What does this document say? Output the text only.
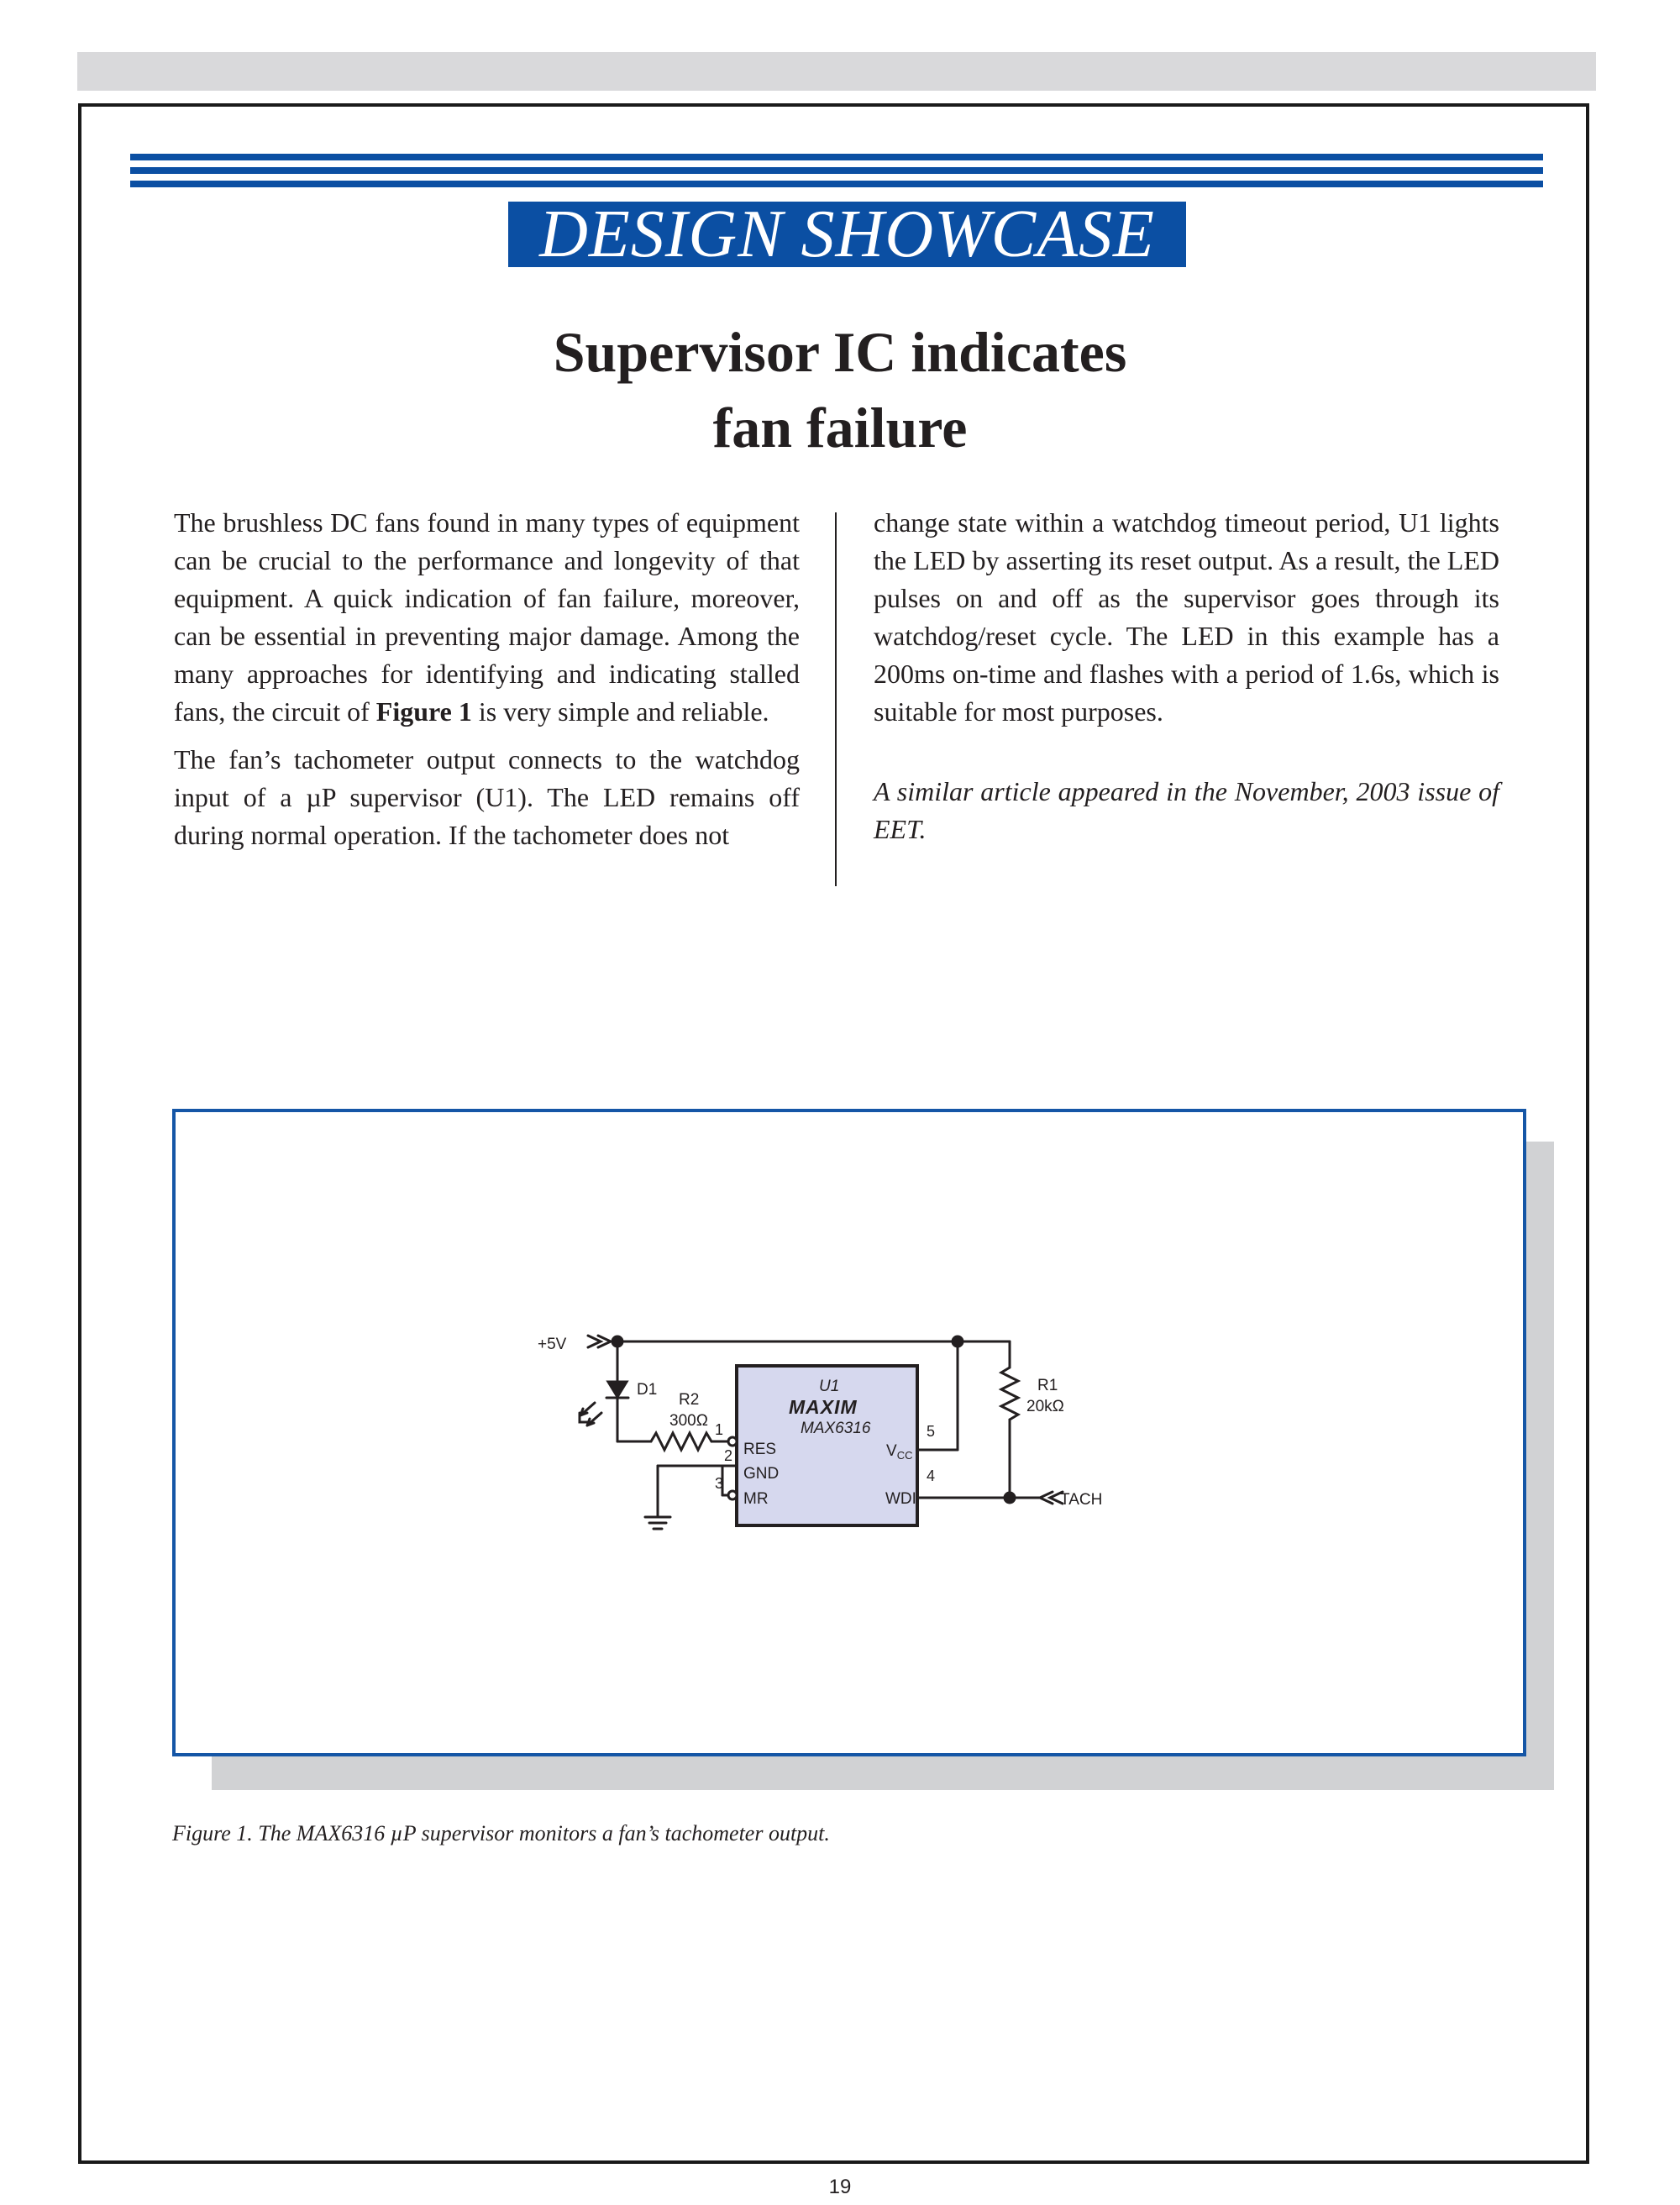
DESIGN SHOWCASE
Supervisor IC indicates
fan failure

The brushless DC fans found in many types of equipment can be crucial to the performance and longevity of that equipment. A quick indication of fan failure, moreover, can be essential in preventing major damage. Among the many approaches for identifying and indicating stalled fans, the circuit of Figure 1 is very simple and reliable.

The fan’s tachometer output connects to the watchdog input of a µP supervisor (U1). The LED remains off during normal operation. If the tachometer does not

change state within a watchdog timeout period, U1 lights the LED by asserting its reset output. As a result, the LED pulses on and off as the supervisor goes through its watchdog/reset cycle. The LED in this example has a 200ms on-time and flashes with a period of 1.6s, which is suitable for most purposes.

A similar article appeared in the November, 2003 issue of EET.

+5V
D1
R2
300Ω
R1
20kΩ
U1
MAXIM
MAX6316
RES
GND
MR
$V_{CC}$
WDI
1
2
3	4
5
TACH
Figure 1. The MAX6316 µP supervisor monitors a fan’s tachometer output.
19
